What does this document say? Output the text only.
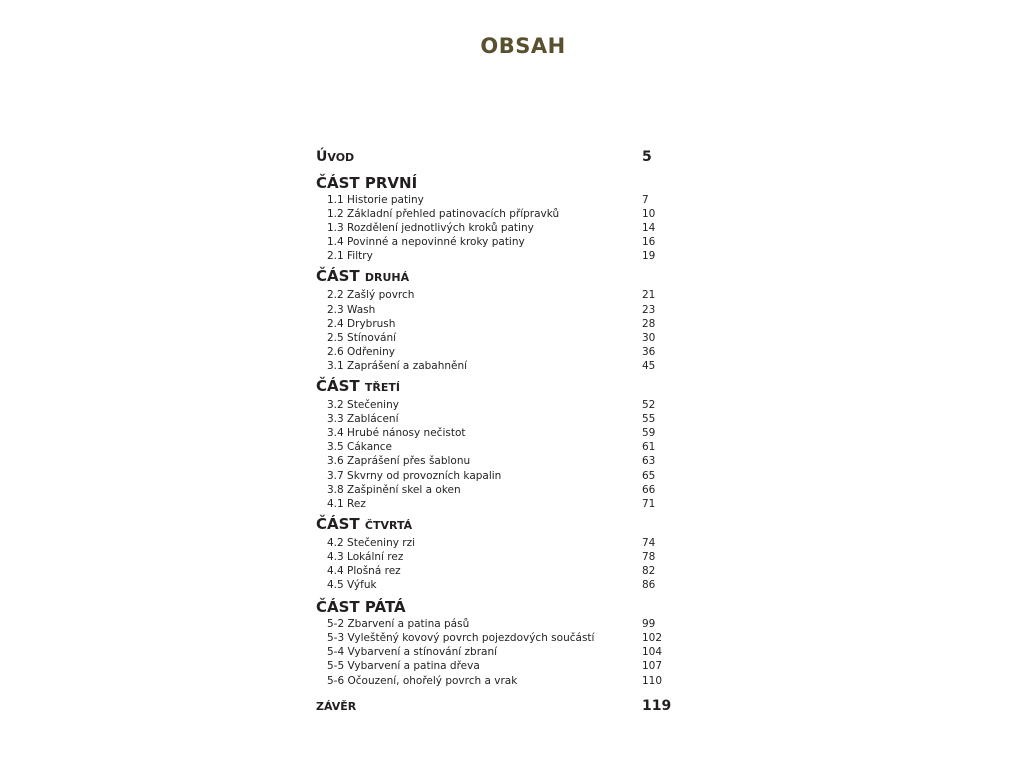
OBSAH
ÚVOD	5
ČÁST PRVNÍ
1.1 Historie patiny	7
1.2 Základní přehled patinovacích přípravků	10
1.3 Rozdělení jednotlivých kroků patiny	14
1.4 Povinné a nepovinné kroky patiny	16
2.1 Filtry	19
ČÁST DRUHÁ
2.2 Zašlý povrch	21
2.3 Wash	23
2.4 Drybrush	28
2.5 Stínování	30
2.6 Odřeniny	36
3.1 Zaprášení a zabahnění	45
ČÁST TŘETÍ
3.2 Stečeniny	52
3.3 Zablácení	55
3.4 Hrubé nánosy nečistot	59
3.5 Cákance	61
3.6 Zaprášení přes šablonu	63
3.7 Skvrny od provozních kapalin	65
3.8 Zašpinění skel a oken	66
4.1 Rez	71
ČÁST ČTVRTÁ
4.2 Stečeniny rzi	74
4.3 Lokální rez	78
4.4 Plošná rez	82
4.5 Výfuk	86
ČÁST PÁTÁ
5-2 Zbarvení a patina pásů	99
5-3 Vyleštěný kovový povrch pojezdových součástí	102
5-4 Vybarvení a stínování zbraní	104
5-5 Vybarvení a patina dřeva	107
5-6 Očouzení, ohořelý povrch a vrak	110
ZÁVĚR	119
